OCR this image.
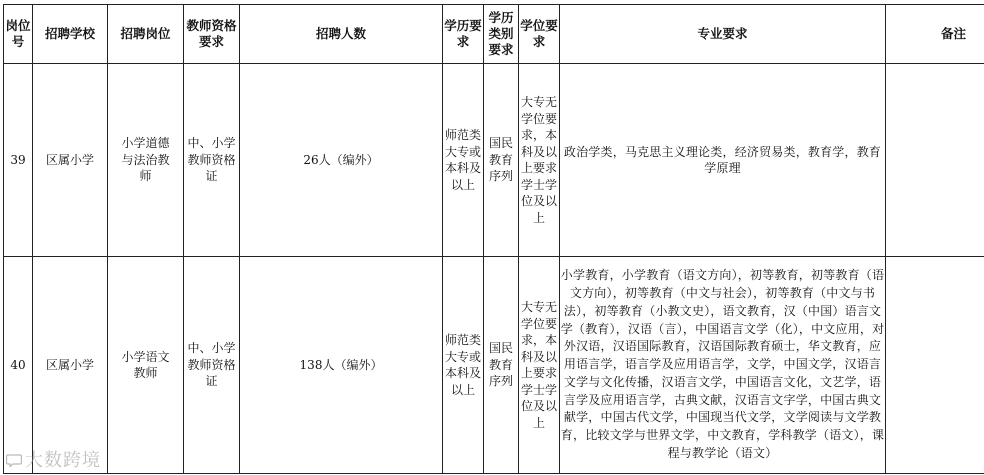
岗位号	招聘学校	招聘岗位	教师资格要求	招聘人数	学历要求	学历类别要求	学位要求	专业要求	备注
39	区属小学	小学道德与法治教师	中、小学教师资格证	26人（编外）	师范类大专或本科及以上	国民教育序列	大专无学位要求，本科及以上要求学士学位及以上	政治学类，马克思主义理论类，经济贸易类，教育学，教育学原理	
40	区属小学	小学语文教师	中、小学教师资格证	138人（编外）	师范类大专或本科及以上	国民教育序列	大专无学位要求，本科及以上要求学士学位及以上	小学教育，小学教育（语文方向），初等教育，初等教育（语文方向），初等教育（中文与社会），初等教育（中文与书法），初等教育（小教文史），语文教育，汉（中国）语言文学（教育），汉语（言），中国语言文学（化），中文应用，对外汉语，汉语国际教育，汉语国际教育硕士，华文教育，应用语言学，语言学及应用语言学，文学，中国文学，汉语言文学与文化传播，汉语言文学，中国语言文化，文艺学，语言学及应用语言学，古典文献，汉语言文字学，中国古典文献学，中国古代文学，中国现当代文学，文学阅读与文学教育，比较文学与世界文学，中文教育，学科教学（语文），课程与教学论（语文）	
大数跨境
